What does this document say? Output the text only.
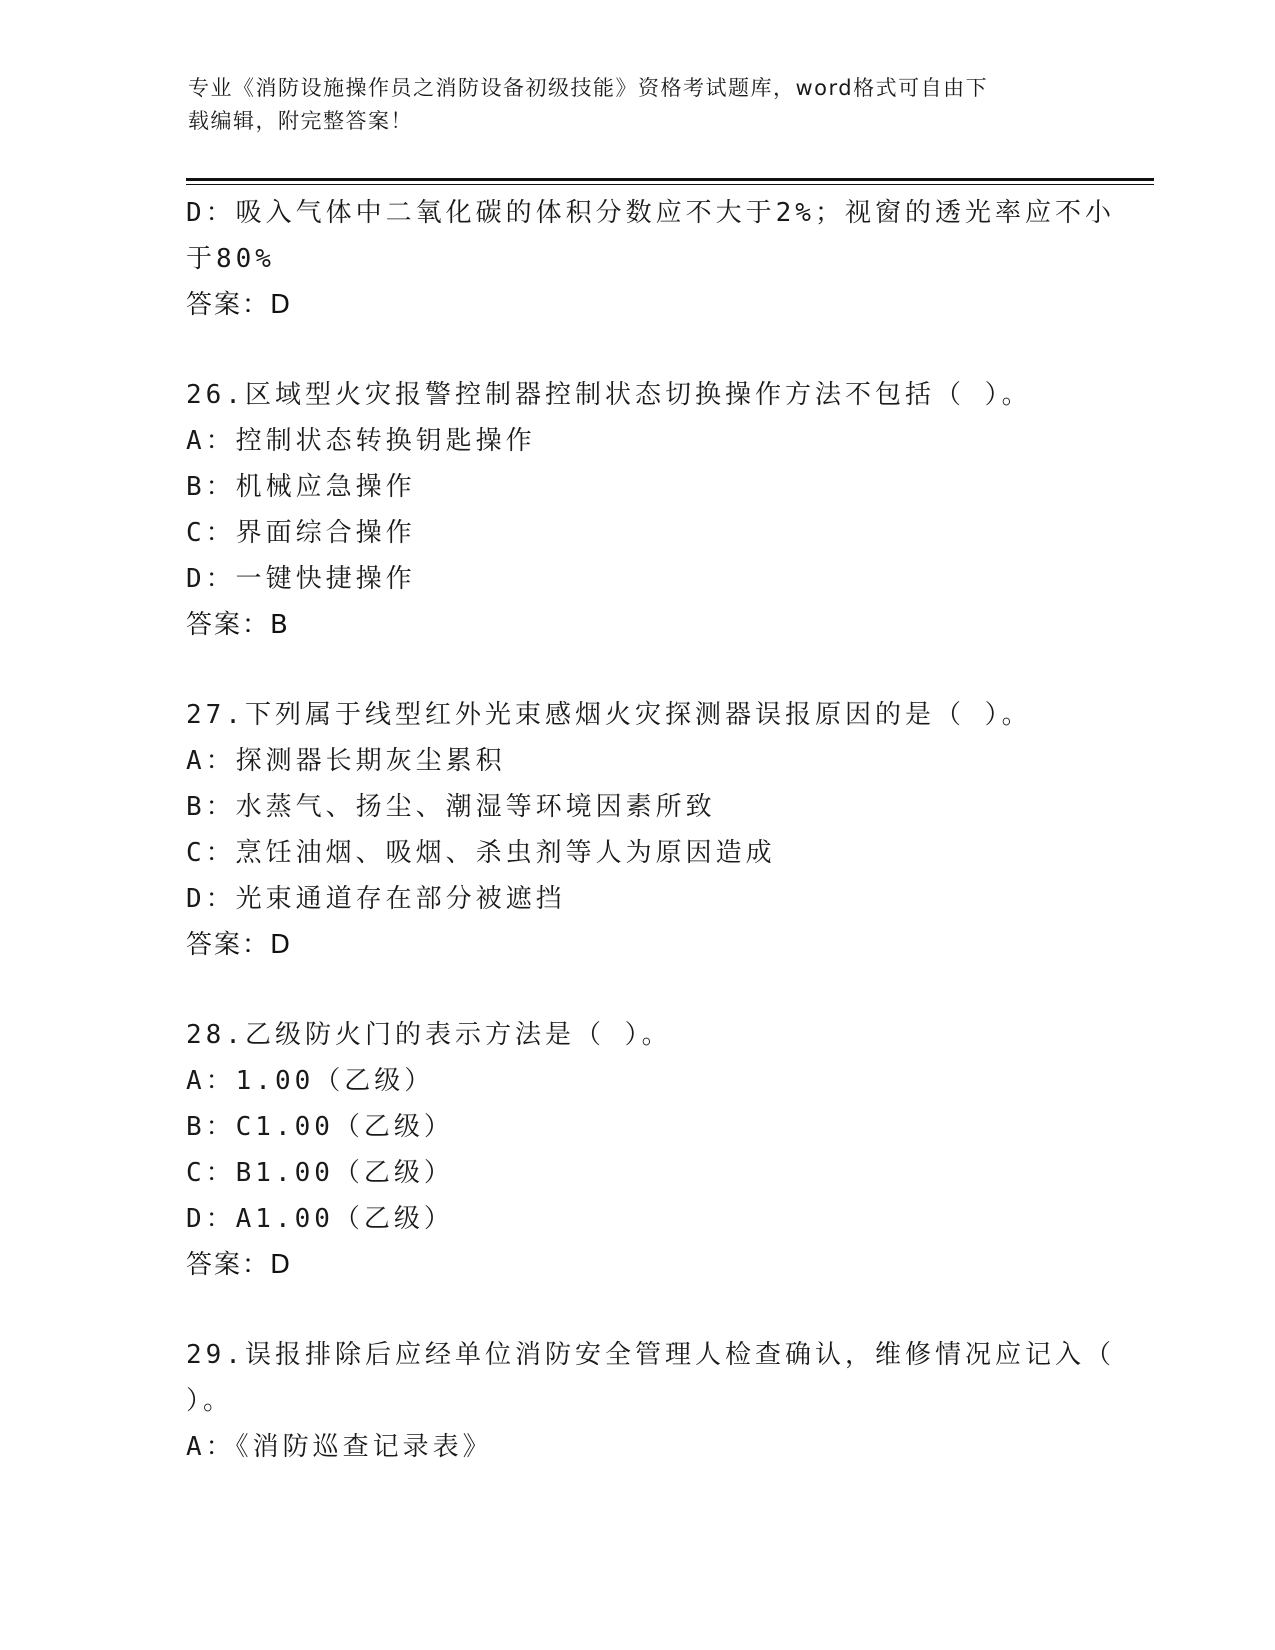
专业《消防设施操作员之消防设备初级技能》资格考试题库，word格式可自由下
载编辑，附完整答案！
D：吸入气体中二氧化碳的体积分数应不大于2%；视窗的透光率应不小
于80%
答案：D
26.区域型火灾报警控制器控制状态切换操作方法不包括（ ）。
A：控制状态转换钥匙操作
B：机械应急操作
C：界面综合操作
D：一键快捷操作
答案：B
27.下列属于线型红外光束感烟火灾探测器误报原因的是（ ）。
A：探测器长期灰尘累积
B：水蒸气、扬尘、潮湿等环境因素所致
C：烹饪油烟、吸烟、杀虫剂等人为原因造成
D：光束通道存在部分被遮挡
答案：D
28.乙级防火门的表示方法是（ ）。
A：1.00（乙级）
B：C1.00（乙级）
C：B1.00（乙级）
D：A1.00（乙级）
答案：D
29.误报排除后应经单位消防安全管理人检查确认，维修情况应记入（
）。
A：《消防巡查记录表》
